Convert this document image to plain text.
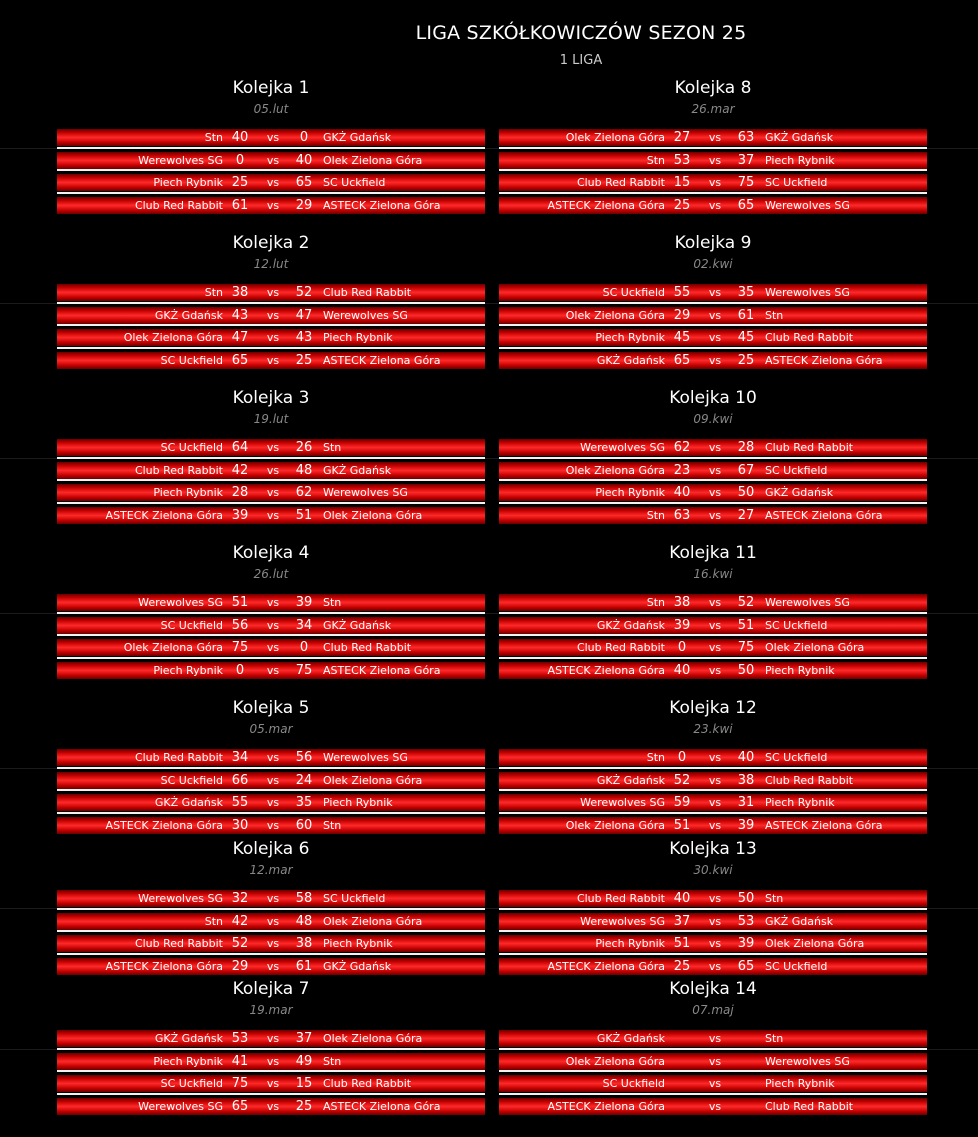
LIGA SZKÓŁKOWICZÓW SEZON 25
1 LIGA
Kolejka 1
05.lut
Stn 40	vs	0	GKŻ Gdańsk
Werewolves SG 0	vs	40 Olek Zielona Góra
Piech Rybnik 25	vs	65 SC Uckfield
Club Red Rabbit 61	vs	29 ASTECK Zielona Góra
Kolejka 2
12.lut
Stn 38	vs	52 Club Red Rabbit
GKŻ Gdańsk 43	vs	47 Werewolves SG
Olek Zielona Góra 47	vs	43 Piech Rybnik
SC Uckfield 65	vs	25 ASTECK Zielona Góra
Kolejka 3
19.lut
SC Uckfield 64	vs	26 Stn
Club Red Rabbit 42	vs	48 GKŻ Gdańsk
Piech Rybnik 28	vs	62 Werewolves SG
ASTECK Zielona Góra 39	vs	51 Olek Zielona Góra
Kolejka 4
26.lut
Werewolves SG 51	vs	39 Stn
SC Uckfield 56	vs	34 GKŻ Gdańsk
Olek Zielona Góra 75	vs	0	Club Red Rabbit
Piech Rybnik 0	vs	75 ASTECK Zielona Góra
Kolejka 5
05.mar
Club Red Rabbit 34	vs	56 Werewolves SG
SC Uckfield 66	vs	24 Olek Zielona Góra
GKŻ Gdańsk 55	vs	35 Piech Rybnik
ASTECK Zielona Góra 30	vs	60 Stn
Kolejka 6
12.mar
Werewolves SG 32	vs	58 SC Uckfield
Stn 42	vs	48 Olek Zielona Góra
Club Red Rabbit 52	vs	38 Piech Rybnik
ASTECK Zielona Góra 29	vs	61 GKŻ Gdańsk
Kolejka 7
19.mar
GKŻ Gdańsk 53	vs	37 Olek Zielona Góra
Piech Rybnik 41	vs	49 Stn
SC Uckfield 75	vs	15 Club Red Rabbit
Werewolves SG 65	vs	25 ASTECK Zielona Góra
Kolejka 8
26.mar
Olek Zielona Góra 27	vs	63 GKŻ Gdańsk
Stn 53	vs	37 Piech Rybnik
Club Red Rabbit 15	vs	75 SC Uckfield
ASTECK Zielona Góra 25	vs	65 Werewolves SG
Kolejka 9
02.kwi
SC Uckfield 55	vs	35 Werewolves SG
Olek Zielona Góra 29	vs	61 Stn
Piech Rybnik 45	vs	45 Club Red Rabbit
GKŻ Gdańsk 65	vs	25 ASTECK Zielona Góra
Kolejka 10
09.kwi
Werewolves SG 62	vs	28 Club Red Rabbit
Olek Zielona Góra 23	vs	67 SC Uckfield
Piech Rybnik 40	vs	50 GKŻ Gdańsk
Stn 63	vs	27 ASTECK Zielona Góra
Kolejka 11
16.kwi
Stn 38	vs	52 Werewolves SG
GKŻ Gdańsk 39	vs	51 SC Uckfield
Club Red Rabbit 0	vs	75 Olek Zielona Góra
ASTECK Zielona Góra 40	vs	50 Piech Rybnik
Kolejka 12
23.kwi
Stn 0	vs	40 SC Uckfield
GKŻ Gdańsk 52	vs	38 Club Red Rabbit
Werewolves SG 59	vs	31 Piech Rybnik
Olek Zielona Góra 51	vs	39 ASTECK Zielona Góra
Kolejka 13
30.kwi
Club Red Rabbit 40	vs	50 Stn
Werewolves SG 37	vs	53 GKŻ Gdańsk
Piech Rybnik 51	vs	39 Olek Zielona Góra
ASTECK Zielona Góra 25	vs	65 SC Uckfield
Kolejka 14
07.maj
GKŻ Gdańsk	vs	Stn
Olek Zielona Góra	vs	Werewolves SG
SC Uckfield	vs	Piech Rybnik
ASTECK Zielona Góra	vs	Club Red Rabbit
